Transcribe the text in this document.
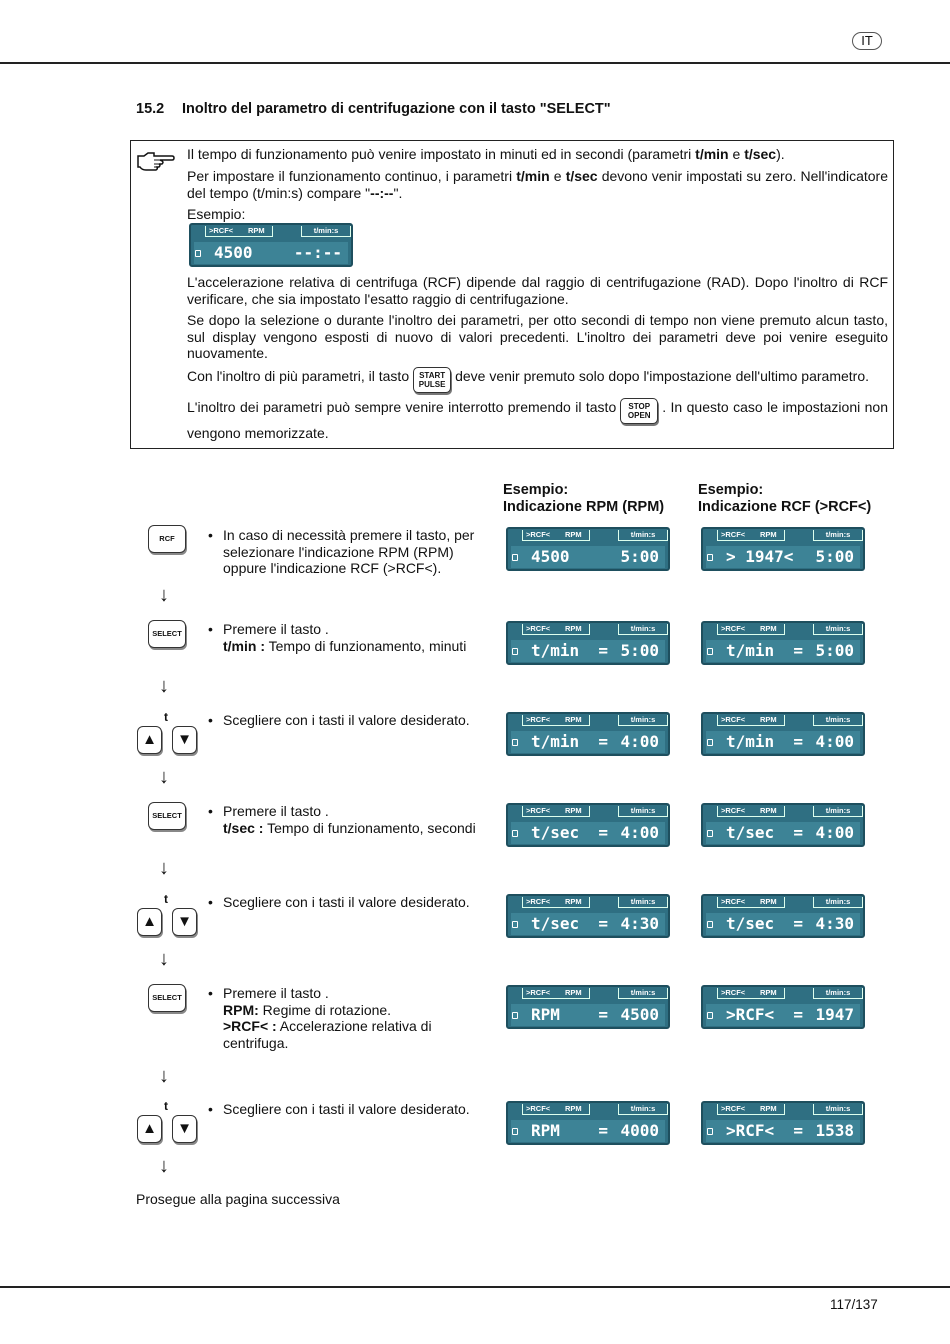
IT
15.2 Inoltro del parametro di centrifugazione con il tasto "SELECT"
Il tempo di funzionamento può venire impostato in minuti ed in secondi (parametri t/min e t/sec).
Per impostare il funzionamento continuo, i parametri t/min e t/sec devono venir impostati su zero. Nell'indicatore del tempo (t/min:s) compare "--:--".
Esempio:
>RCF< RPM	t/min:s
4500	--:--
L'accelerazione relativa di centrifuga (RCF) dipende dal raggio di centrifugazione (RAD). Dopo l'inoltro di RCF verificare, che sia impostato l'esatto raggio di centrifugazione.
Se dopo la selezione o durante l'inoltro dei parametri, per otto secondi di tempo non viene premuto alcun tasto, sul display vengono esposti di nuovo di valori precedenti. L'inoltro dei parametri deve poi venire eseguito nuovamente.
Con l'inoltro di più parametri, il tasto START
PULSEdeve venir premuto solo dopo l'impostazione dell'ultimo parametro.
L'inoltro dei parametri può sempre venire interrotto premendo il tasto STOP
OPEN. In questo caso le impostazioni non vengono memorizzate.
Esempio:
Indicazione RPM (RPM)
Esempio:
Indicazione RCF (>RCF<)
RCF
↓
• In caso di necessità premere il tasto, per selezionare l'indicazione RPM (RPM) oppure l'indicazione RCF (>RCF<).
SELECT
↓
• Premere il tasto .
t/min : Tempo di funzionamento, minuti
t
▲	▼
↓
• Scegliere con i tasti il valore desiderato.
SELECT
↓
• Premere il tasto .
t/sec : Tempo di funzionamento, secondi
t
▲	▼
↓
• Scegliere con i tasti il valore desiderato.
SELECT
↓
• Premere il tasto .
RPM: Regime di rotazione.
>RCF< : Accelerazione relativa di centrifuga.
t
▲	▼
↓
• Scegliere con i tasti il valore desiderato.
>RCF< RPM	t/min:s
4500	5:00
>RCF< RPM	t/min:s
> 1947< 5:00
>RCF< RPM	t/min:s
t/min  = 5:00
>RCF< RPM	t/min:s
t/min  = 5:00
>RCF< RPM	t/min:s
t/min  = 4:00
>RCF< RPM	t/min:s
t/min  = 4:00
>RCF< RPM	t/min:s
t/sec  = 4:00
>RCF< RPM	t/min:s
t/sec  = 4:00
>RCF< RPM	t/min:s
t/sec  = 4:30
>RCF< RPM	t/min:s
t/sec  = 4:30
>RCF< RPM	t/min:s
RPM    = 4500
>RCF< RPM	t/min:s
>RCF<  = 1947
>RCF< RPM	t/min:s
RPM    = 4000
>RCF< RPM	t/min:s
>RCF<  = 1538
Prosegue alla pagina successiva
117/137
